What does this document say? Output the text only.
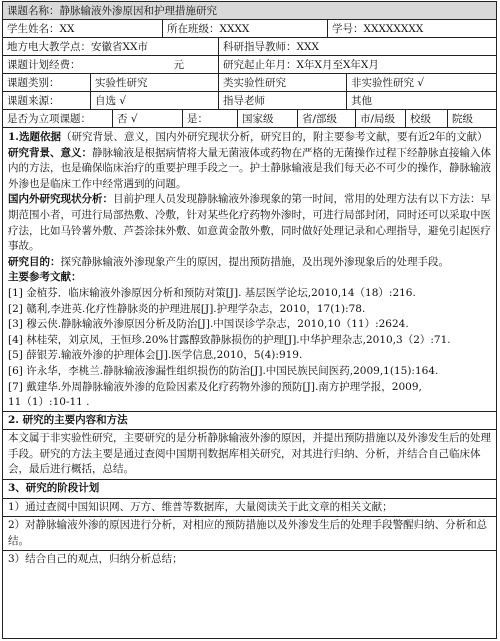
课题名称：静脉输液外渗原因和护理措施研究
学生姓名：XX	所在班级：XXXX	学号：XXXXXXXX
地方电大教学点：安徽省XX市	科研指导教师：XXX
课题计划经费：	元	研究起止年月：X年X月至X年X月
课题类别：	实验性研究	类实验性研究	非实验性研究 √
课题来源：	自选 √	指导老师	其他
是否为立项课题：	否 √	是：	国家级	省/部级	市/局级	校级	院级

1.选题依据（研究背景、意义，国内外研究现状分析，研究目的，附主要参考文献，要有近2年的文献）

研究背景、意义：静脉输液是根据病情将大量无菌液体或药物在严格的无菌操作过程下经静脉直接输入体内的方法，也是确保临床治疗的重要护理手段之一。护士静脉输液是我们每天必不可少的操作，静脉输液外渗也是临床工作中经常遇到的问题。

国内外研究现状分析：目前护理人员发现静脉输液外渗现象的第一时间，常用的处理方法有以下方法：早期范围小者，可进行局部热敷、冷敷，针对某些化疗药物外渗时，可进行局部封闭，同时还可以采取中医疗法，比如马铃薯外敷、芦荟涂抹外敷、如意黄金散外敷，同时做好处理记录和心理指导，避免引起医疗事故。

研究目的：探究静脉输液外渗现象产生的原因，提出预防措施，及出现外渗现象后的处理手段。

主要参考文献：

[1] 金植芬．临床输液外渗原因分析和预防对策[J]. 基层医学论坛,2010,14（18）:216.

[2] 赣利,李进英.化疗性静脉炎的护理进展[J].护理学杂志，2010，17(1):78.

[3] 穆云侠.静脉输液外渗原因分析及防治[J].中国误诊学杂志，2010,10（11）:2624.

[4] 林桂荣，刘京凤，王恒珍.20%甘露醇致静脉损伤的护理[J].中华护理杂志,2010,3（2）:71.

[5] 薛银芳.输液外渗的护理体会[J].医学信息,2010，5(4):919.

[6] 许永华，李桃兰.静脉输液渗漏性组织损伤的防治[J].中国民族民间医药,2009,1(15):164.

[7] 戴建华.外周静脉输液外渗的危险因素及化疗药物外渗的预防[J].南方护理学报，2009,

11（1）:10-11 .

2. 研究的主要内容和方法
本文属于非实验性研究，主要研究的是分析静脉输液外渗的原因，并提出预防措施以及外渗发生后的处理手段。研究的方法主要是通过查阅中国期刊数据库相关研究，对其进行归纳、分析，并结合自己临床体会，最后进行概括，总结。
3、研究的阶段计划

1）通过查阅中国知识网、万方、维普等数据库，大量阅读关于此文章的相关文献；

2）对静脉输液外渗的原因进行分析，对相应的预防措施以及外渗发生后的处理手段警醒归纳、分析和总结。

3）结合自己的观点，归纳分析总结；
